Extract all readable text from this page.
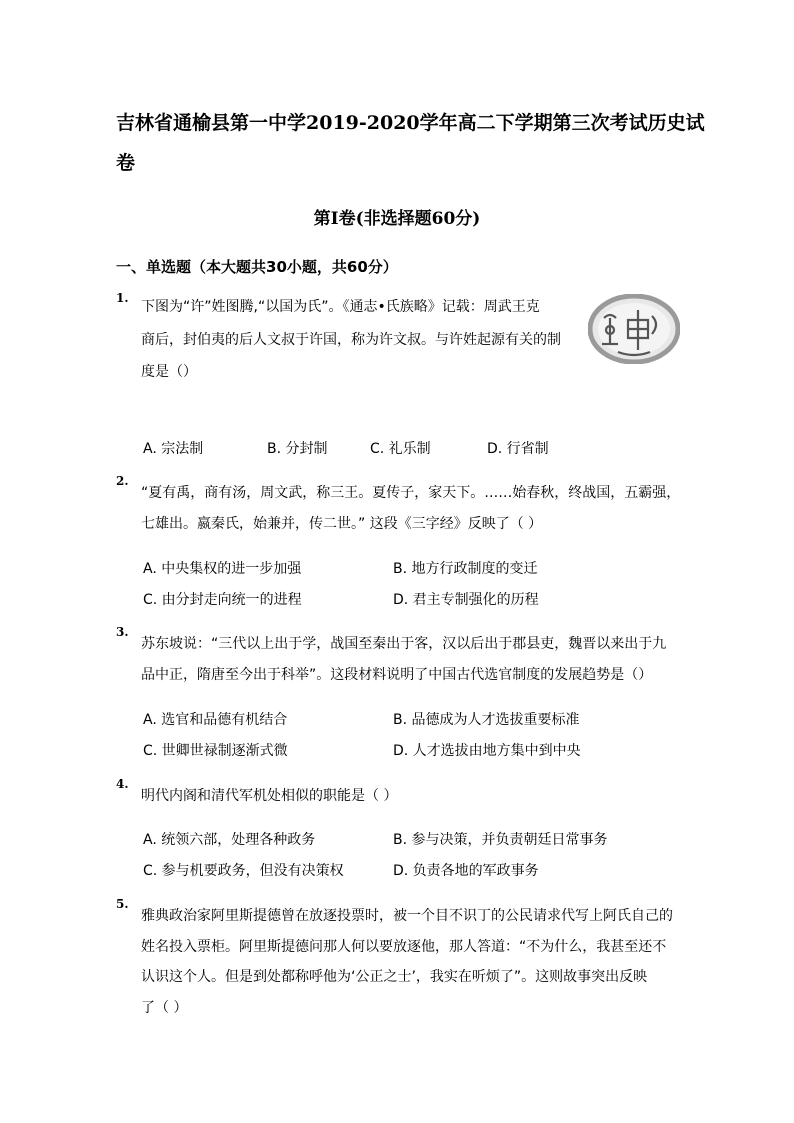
吉林省通榆县第一中学2019-2020学年高二下学期第三次考试历史试
卷
第I卷(非选择题60分)
一、单选题（本大题共30小题，共60分）
1.
下图为“许”姓图腾,“以国为氏”。《通志•氏族略》记载：周武王克
商后，封伯夷的后人文叔于许国，称为许文叔。与许姓起源有关的制
度是（）
A. 宗法制	B. 分封制	C. 礼乐制	D. 行省制
2.
“夏有禹，商有汤，周文武，称三王。夏传子，家天下。……始春秋，终战国，五霸强，
七雄出。嬴秦氏，始兼并，传二世。” 这段《三字经》反映了（ ）
A. 中央集权的进一步加强	B. 地方行政制度的变迁
C. 由分封走向统一的进程	D. 君主专制强化的历程
3.
苏东坡说：“三代以上出于学，战国至秦出于客，汉以后出于郡县吏，魏晋以来出于九
品中正，隋唐至今出于科举”。这段材料说明了中国古代选官制度的发展趋势是（）
A. 选官和品德有机结合	B. 品德成为人才选拔重要标准
C. 世卿世禄制逐渐式微	D. 人才选拔由地方集中到中央
4.
明代内阁和清代军机处相似的职能是（ ）
A. 统领六部，处理各种政务	B. 参与决策，并负责朝廷日常事务
C. 参与机要政务，但没有决策权	D. 负责各地的军政事务
5.
雅典政治家阿里斯提德曾在放逐投票时，被一个目不识丁的公民请求代写上阿氏自己的
姓名投入票柜。阿里斯提德问那人何以要放逐他，那人答道：“不为什么，我甚至还不
认识这个人。但是到处都称呼他为‘公正之士’，我实在听烦了”。这则故事突出反映
了（ ）
